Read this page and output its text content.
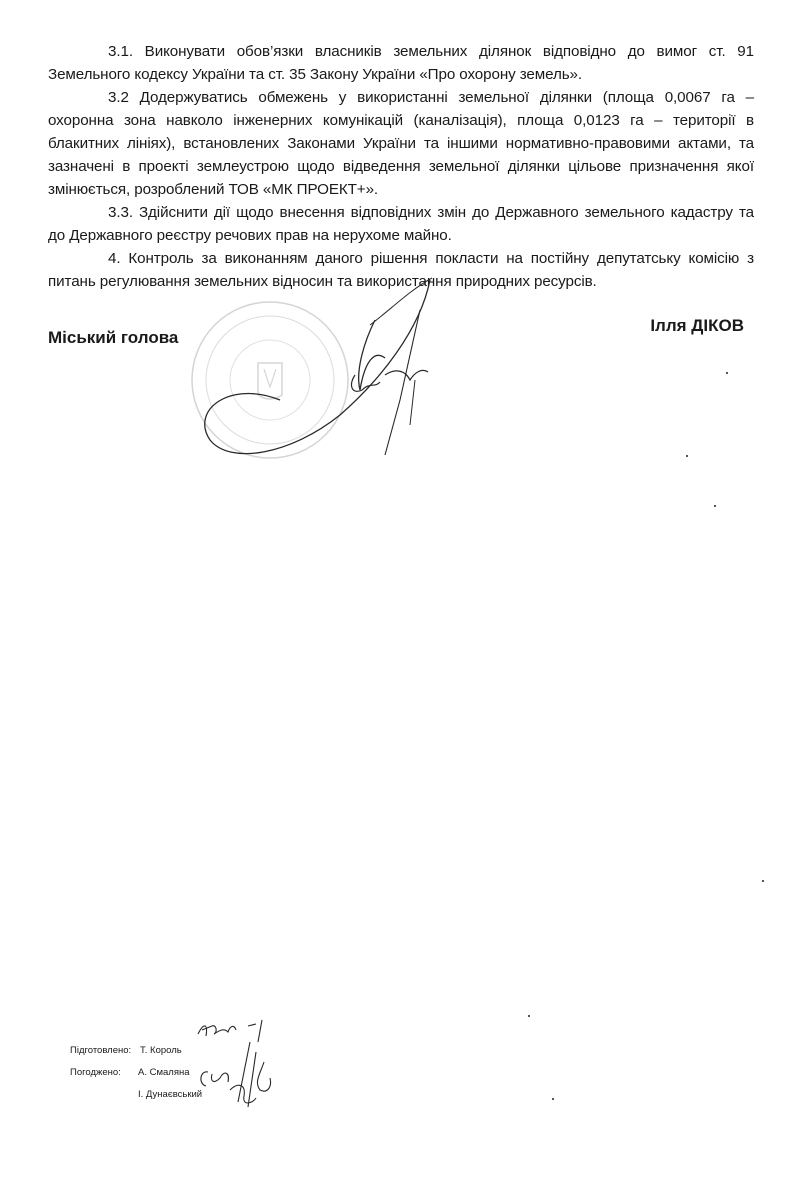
3.1. Виконувати обов’язки власників земельних ділянок відповідно до вимог ст. 91 Земельного кодексу України та ст. 35 Закону України «Про охорону земель».

3.2 Додержуватись обмежень у використанні земельної ділянки (площа 0,0067 га – охоронна зона навколо інженерних комунікацій (каналізація), площа 0,0123 га – території в блакитних лініях), встановлених Законами України та іншими нормативно-правовими актами, та зазначені в проекті землеустрою щодо відведення земельної ділянки цільове призначення якої змінюється, розроблений ТОВ «МК ПРОЕКТ+».

3.3. Здійснити дії щодо внесення відповідних змін до Державного земельного кадастру та до Державного реєстру речових прав на нерухоме майно.

4. Контроль за виконанням даного рішення покласти на постійну депутатську комісію з питань регулювання земельних відносин та використання природних ресурсів.

Міський голова
Ілля ДІКОВ
Підготовлено: Т. Король
Погоджено: А. Смаляна
І. Дунаєвський
